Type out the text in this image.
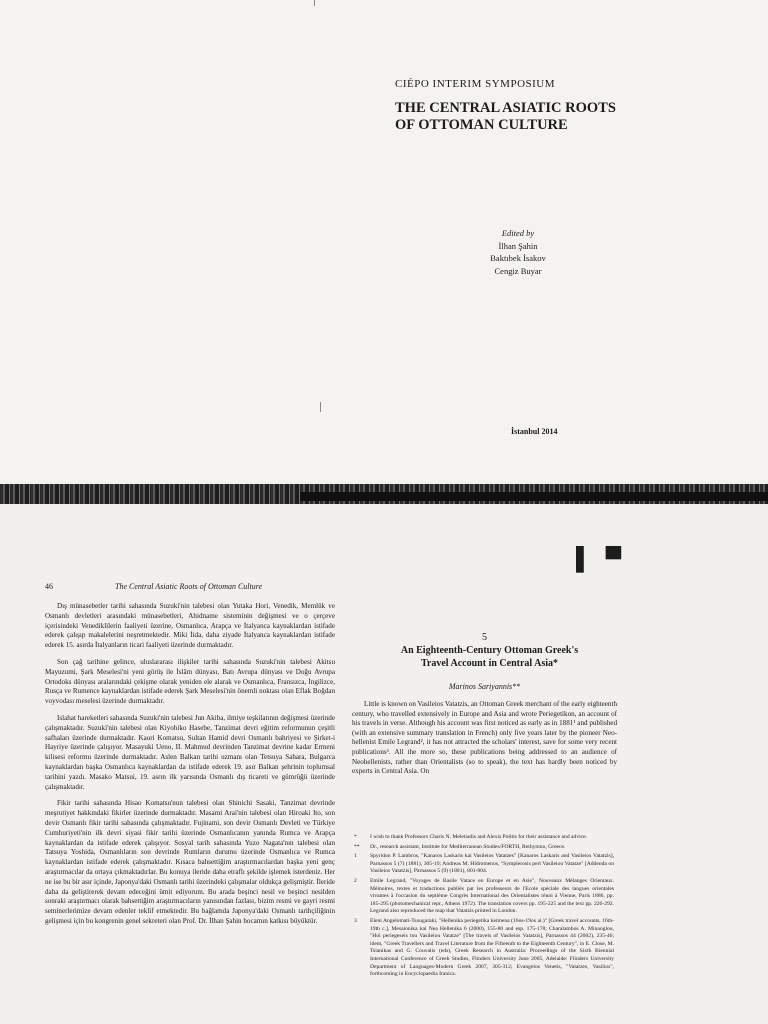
CIÉPO INTERIM SYMPOSIUM
THE CENTRAL ASIATIC ROOTS
OF OTTOMAN CULTURE
Edited by
İlhan Şahin
Baktıbek İsakov
Cengiz Buyar
İstanbul 2014
46	The Central Asiatic Roots of Ottoman Culture

Dış münasebetler tarihi sahasında Suzuki'nin talebesi olan Yutaka Hori, Venedik, Memlük ve Osmanlı devletleri arasındaki münasebetleri, Ahidname sisteminin değişmesi ve o çerçeve içerisindeki Venediklilerin faaliyeti üzerine, Osmanlıca, Arapça ve İtalyanca kaynaklardan istifade ederek çalışıp makalelerini neşretmektedir. Miki İida, daha ziyade İtalyanca kaynaklardan istifade ederek 15. asırda İtalyanların ticari faaliyeti üzerinde durmaktadır.

Son çağ tarihine gelince, uluslararası ilişkiler tarihi sahasında Suzuki'nin talebesi Akitsu Mayuzumi, Şark Meselesi'ni yeni görüş ile İslâm dünyası, Batı Avrupa dünyası ve Doğu Avrupa Ortodoks dünyası aralarındaki çekişme olarak yeniden ele alarak ve Osmanlıca, Fransızca, İngilizce, Rusça ve Rumence kaynaklardan istifade ederek Şark Meselesi'nin önemli noktası olan Eflak Boğdan voyvodası meselesi üzerinde durmaktadır.

Islahat hareketleri sahasında Suzuki'nin talebesi Jun Akiba, ilmiye teşkilatının değişmesi üzerinde çalışmaktadır. Suzuki'nin talebesi olan Kiyohiko Hasebe, Tanzimat devri eğitim reformunun çeşitli safhaları üzerinde durmaktadır. Kaori Komatsu, Sultan Hamid devri Osmanlı bahriyesi ve Şirket-i Hayriye üzerinde çalışıyor. Masayuki Ueno, II. Mahmud devrinden Tanzimat devrine kadar Ermeni kilisesi reformu üzerinde durmaktadır. Aslen Balkan tarihi uzmanı olan Tetsuya Sahara, Bulgarca kaynaklardan başka Osmanlıca kaynaklardan da istifade ederek 19. asır Balkan şehrinin toplumsal tarihini yazdı. Masako Matsui, 19. asrın ilk yarısında Osmanlı dış ticareti ve gümrüğü üzerinde çalışmaktadır.

Fikir tarihi sahasında Hisao Komatsu'nun talebesi olan Shinichi Sasaki, Tanzimat devrinde meşrutiyet hakkındaki fikirler üzerinde durmaktadır. Masami Arai'nin talebesi olan Hiroaki Ito, son devir Osmanlı fikir tarihi sahasında çalışmaktadır. Fujinami, son devir Osmanlı Devleti ve Türkiye Cumhuriyeti'nin ilk devri siyasi fikir tarihi üzerinde Osmanlıcanın yanında Rumca ve Arapça kaynaklardan da istifade ederek çalışıyor. Sosyal tarih sahasında Yuzo Nagata'nın talebesi olan Tatsuya Yoshida, Osmanlıların son devrinde Rumların durumu üzerinde Osmanlıca ve Rumca kaynaklardan istifade ederek çalışmaktadır. Kısaca bahsettiğim araştırmacılardan başka yeni genç araştırmacılar da ortaya çıkmaktadırlar. Bu konuya ileride daha etraflı şekilde işlemek isterdeniz. Her ne ise bu bir asır içinde, Japonya'daki Osmanlı tarihi üzerindeki çalışmalar oldukça gelişmiştir. İleride daha da geliştirerek devam edeceğini ümit ediyorum. Bu arada beşinci nesil ve beşinci nesilden sonraki araştırmacı olarak bahsettiğim araştırmacıların yanısından fazlası, bizim resmi ve gayri resmi seminerlerimize devam edenler teklif etmektedir. Bu bağlamda Japonya'daki Osmanlı tarihçiliğinin gelişmesi için bu kongrenin genel sekreteri olan Prof. Dr. İlhan Şahin hocamın katkısı büyüktür.

▌▀
5
An Eighteenth-Century Ottoman Greek's Travel Account in Central Asia*
Marinos Sariyannis**

Little is known on Vasileios Vatatzis, an Ottoman Greek merchant of the early eighteenth century, who travelled extensively in Europe and Asia and wrote Periegetikon, an account of his travels in verse. Although his account was first noticed as early as in 1881¹ and published (with an extensive summary translation in French) only five years later by the pioneer Neo-hellenist Emile Legrand², it has not attracted the scholars' interest, save for some very recent publications³. All the more so, these publications being addressed to an audience of Neohellenists, rather than Orientalists (so to speak), the text has hardly been noticed by experts in Central Asia. On

*	I wish to thank Professors Charis N. Meletiadis and Alexis Politis for their assistance and advice.
**	Dr., research assistant, Institute for Mediterranean Studies/FORTH, Rethymno, Greece.
1	Spyridon P. Lambros, "Kanaros Laskaris kai Vasileios Vatatzes" [Kanaros Laskaris and Vasileios Vatatzis], Parnassos 5 (7) (1881), 305-19; Andreas M. Hidromenos, "Symplerosis peri Vasileiou Vatatze" [Addenda on Vasileios Vatatzis], Parnassos 5 (9) (1881), 801-804.
2	Emile Legrand, "Voyages de Basile Vatace en Europe et en Asie", Nouveaux Mélanges Orientaux. Mémoires, textes et traductions publiés par les professeurs de l'Ecole spéciale des langues orientales vivantes à l'occasion du septième Congrès International des Orientalistes réuni à Vienne, Paris 1886, pp. 185-295 (photomechanical repr., Athens 1972). The translation covers pp. 195-225 and the text pp. 226-292. Legrand also reproduced the map that Vatatzis printed in London.
3	Eleni Angelomati-Tsougaraki, "Hellenika periegetika keimena (16os-19os ai.)" [Greek travel accounts, 16th-19th c.], Mesaionika kai Nea Hellenika 6 (2000), 155-80 and esp. 175-178; Charalambos A. Minaoglou, "Hoi periegeseis tou Vasileiou Vatatze" [The travels of Vasileios Vatatzis], Parnassos 44 (2002), 235-46; idem, "Greek Travellers and Travel Literature from the Fifteenth to the Eighteenth Century", in E. Close, M. Tsianikas and G. Couvalis (eds), Greek Research in Australia: Proceedings of the Sixth Biennial International Conference of Greek Studies, Flinders University June 2005, Adelaide: Flinders University Department of Languages-Modern Greek 2007, 305-312; Evangelos Venetis, "Vatatzes, Vasilios", forthcoming in Encyclopaedia Iranica.
